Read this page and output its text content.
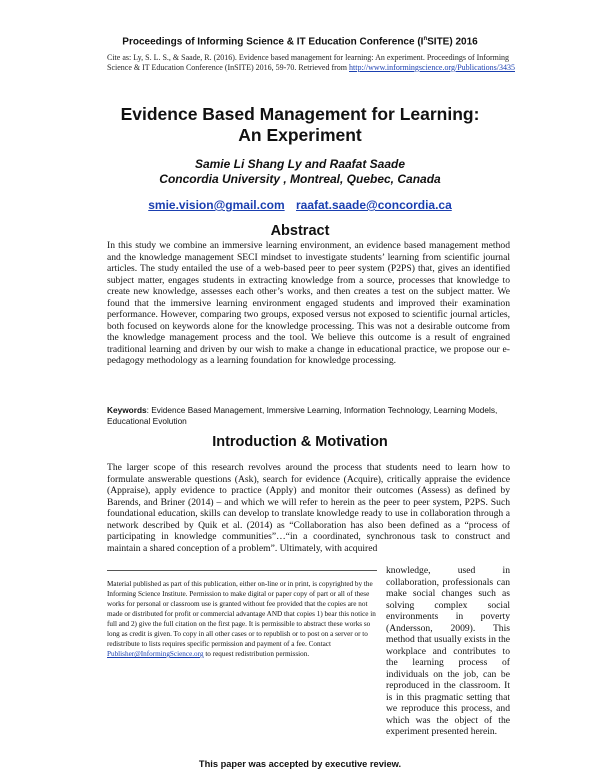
Proceedings of Informing Science & IT Education Conference $(I^nSITE)$ 2016
Cite as: Ly, S. L. S., & Saade, R. (2016). Evidence based management for learning: An experiment. Proceedings of Informing Science & IT Education Conference (InSITE) 2016, 59-70. Retrieved from http://www.informingscience.org/Publications/3435
Evidence Based Management for Learning:
An Experiment
Samie Li Shang Ly and Raafat Saade
Concordia University , Montreal, Quebec, Canada
smie.vision@gmail.com raafat.saade@concordia.ca
Abstract
In this study we combine an immersive learning environment, an evidence based management method and the knowledge management SECI mindset to investigate students’ learning from scientific journal articles. The study entailed the use of a web-based peer to peer system (P2PS) that, gives an identified subject matter, engages students in extracting knowledge from a source, processes that knowledge to create new knowledge, assesses each other’s works, and then creates a test on the subject matter. We found that the immersive learning environment engaged students and improved their examination performance. However, comparing two groups, exposed versus not exposed to scientific journal articles, both focused on keywords alone for the knowledge processing. This was not a desirable outcome from the knowledge management process and the tool. We believe this outcome is a result of engrained traditional learning and driven by our wish to make a change in educational practice, we propose our e-pedagogy methodology as a learning foundation for knowledge processing.
Keywords: Evidence Based Management, Immersive Learning, Information Technology, Learning Models, Educational Evolution
Introduction & Motivation
The larger scope of this research revolves around the process that students need to learn how to formulate answerable questions (Ask), search for evidence (Acquire), critically appraise the evidence (Appraise), apply evidence to practice (Apply) and monitor their outcomes (Assess) as defined by Barends, and Briner (2014) – and which we will refer to herein as the peer to peer system, P2PS. Such foundational education, skills can develop to translate knowledge ready to use in collaboration through a network described by Quik et al. (2014) as “Collaboration has also been defined as a “process of participating in knowledge communities”…“in a coordinated, synchronous task to construct and maintain a shared conception of a problem”. Ultimately, with acquired
knowledge, used in collaboration, professionals can make social changes such as solving complex social environments in poverty (Andersson, 2009). This method that usually exists in the workplace and contributes to the learning process of individuals on the job, can be reproduced in the classroom. It is in this pragmatic setting that we reproduce this process, and which was the object of the experiment presented herein.
Material published as part of this publication, either on-line or in print, is copyrighted by the Informing Science Institute. Permission to make digital or paper copy of part or all of these works for personal or classroom use is granted without fee provided that the copies are not made or distributed for profit or commercial advantage AND that copies 1) bear this notice in full and 2) give the full citation on the first page. It is permissible to abstract these works so long as credit is given. To copy in all other cases or to republish or to post on a server or to redistribute to lists requires specific permission and payment of a fee. Contact Publisher@InformingScience.org to request redistribution permission.
This paper was accepted by executive review.
